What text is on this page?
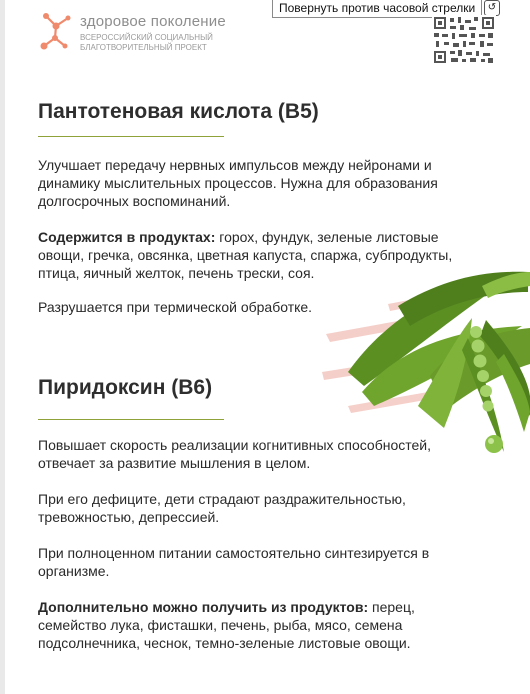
Повернуть против часовой стрелки	↺
здоровое поколение
ВСЕРОССИЙСКИЙ СОЦИАЛЬНЫЙ БЛАГОТВОРИТЕЛЬНЫЙ ПРОЕКТ
Пантотеновая кислота (B5)

Улучшает передачу нервных импульсов между нейронами и динамику мыслительных процессов. Нужна для образования долгосрочных воспоминаний.

Содержится в продуктах: горох, фундук, зеленые листовые овощи, гречка, овсянка, цветная капуста, спаржа, субпродукты, птица, яичный желток, печень трески, соя.

Разрушается при термической обработке.

Пиридоксин (B6)

Повышает скорость реализации когнитивных способностей, отвечает за развитие мышления в целом.

При его дефиците, дети страдают раздражительностью, тревожностью, депрессией.

При полноценном питании самостоятельно синтезируется в организме.

Дополнительно можно получить из продуктов: перец, семейство лука, фисташки, печень, рыба, мясо, семена подсолнечника, чеснок, темно-зеленые листовые овощи.
